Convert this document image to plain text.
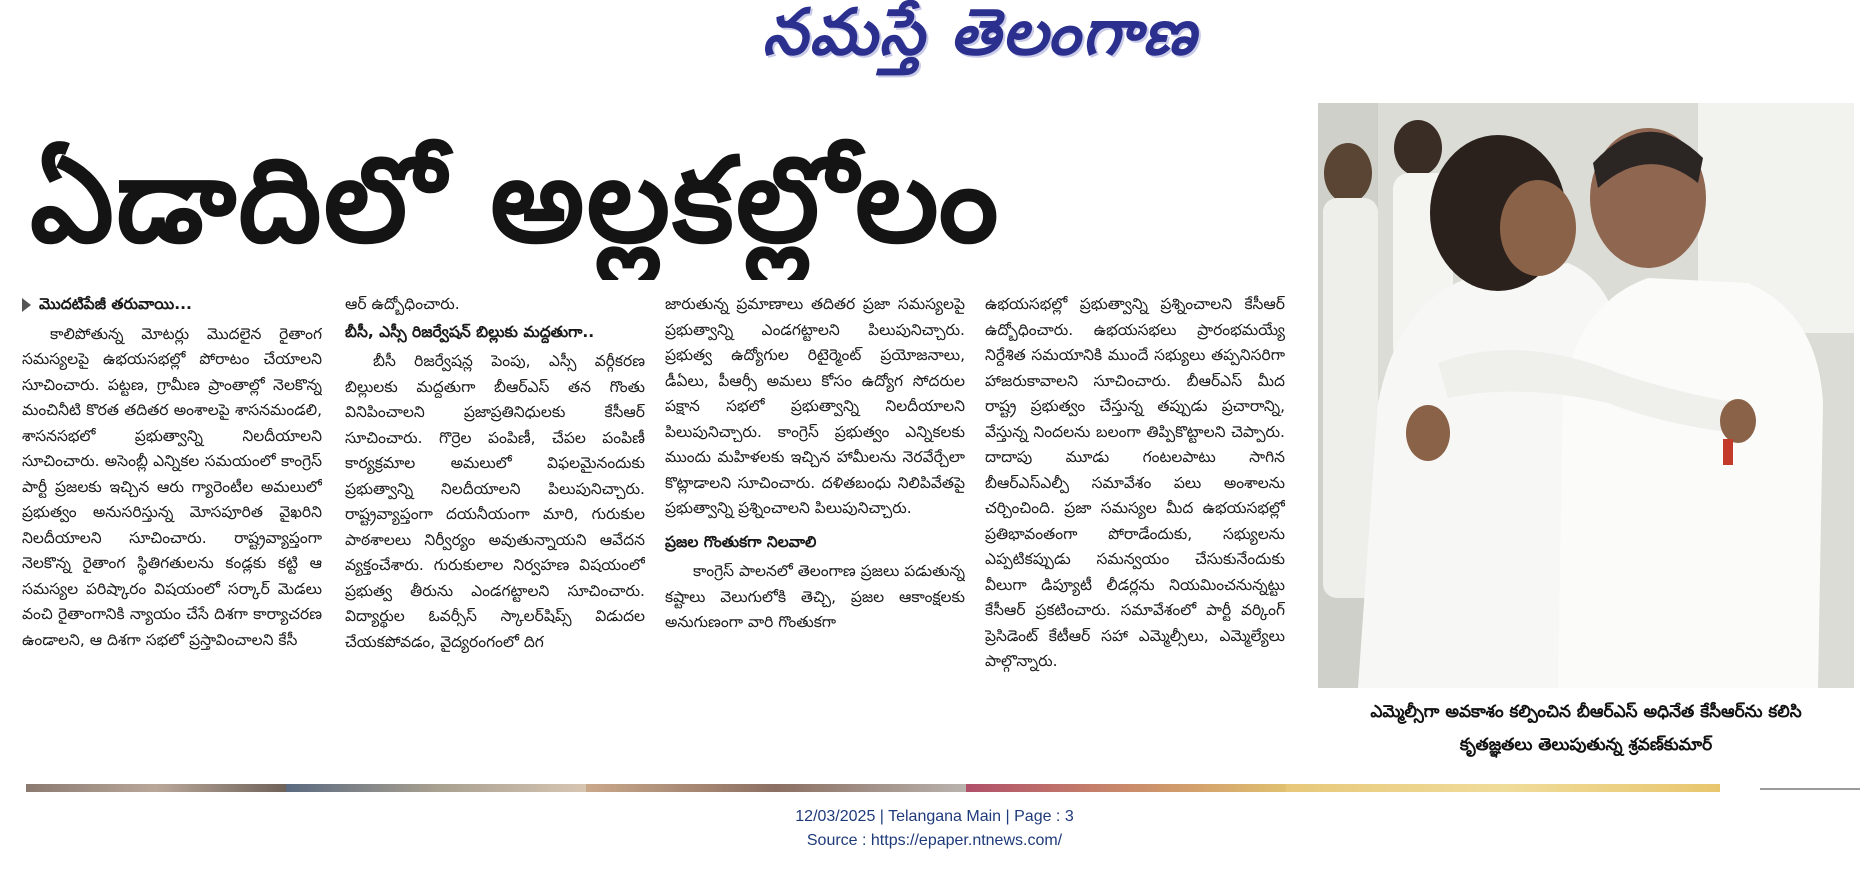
నమస్తే తెలంగాణ
ఏడాదిలో అల్లకల్లోలం
మొదటిపేజీ తరువాయి...

కాలిపోతున్న మోటర్లు మొదలైన రైతాంగ సమస్యలపై ఉభయసభల్లో పోరాటం చేయాలని సూచించారు. పట్టణ, గ్రామీణ ప్రాంతాల్లో నెలకొన్న మంచినీటి కొరత తదితర అంశాలపై శాసనమండలి, శాసనసభలో ప్రభుత్వాన్ని నిలదీయాలని సూచించారు. అసెంబ్లీ ఎన్నికల సమయంలో కాంగ్రెస్ పార్టీ ప్రజలకు ఇచ్చిన ఆరు గ్యారెంటీల అమలులో ప్రభుత్వం అనుసరిస్తున్న మోసపూరిత వైఖరిని నిలదీయాలని సూచించారు. రాష్ట్రవ్యాప్తంగా నెలకొన్న రైతాంగ స్థితిగతులను కండ్లకు కట్టి ఆ సమస్యల పరిష్కారం విషయంలో సర్కార్ మెడలు వంచి రైతాంగానికి న్యాయం చేసే దిశగా కార్యాచరణ ఉండాలని, ఆ దిశగా సభలో ప్రస్తావించాలని కేసీ

ఆర్ ఉద్బోధించారు.

బీసీ, ఎస్సీ రిజర్వేషన్ బిల్లుకు మద్దతుగా..

బీసీ రిజర్వేషన్ల పెంపు, ఎస్సీ వర్గీకరణ బిల్లులకు మద్దతుగా బీఆర్ఎస్ తన గొంతు వినిపించాలని ప్రజాప్రతినిధులకు కేసీఆర్ సూచించారు. గొర్రెల పంపిణీ, చేపల పంపిణీ కార్యక్రమాల అమలులో విఫలమైనందుకు ప్రభుత్వాన్ని నిలదీయాలని పిలుపునిచ్చారు. రాష్ట్రవ్యాప్తంగా దయనీయంగా మారి, గురుకుల పాఠశాలలు నిర్వీర్యం అవుతున్నాయని ఆవేదన వ్యక్తంచేశారు. గురుకులాల నిర్వహణ విషయంలో ప్రభుత్వ తీరును ఎండగట్టాలని సూచించారు. విద్యార్థుల ఓవర్సీస్ స్కాలర్‌షిప్స్ విడుదల చేయకపోవడం, వైద్యరంగంలో దిగ

జారుతున్న ప్రమాణాలు తదితర ప్రజా సమస్యలపై ప్రభుత్వాన్ని ఎండగట్టాలని పిలుపునిచ్చారు. ప్రభుత్వ ఉద్యోగుల రిటైర్మెంట్ ప్రయోజనాలు, డీఏలు, పీఆర్సీ అమలు కోసం ఉద్యోగ సోదరుల పక్షాన సభలో ప్రభుత్వాన్ని నిలదీయాలని పిలుపునిచ్చారు. కాంగ్రెస్ ప్రభుత్వం ఎన్నికలకు ముందు మహిళలకు ఇచ్చిన హామీలను నెరవేర్చేలా కొట్లాడాలని సూచించారు. దళితబంధు నిలిపివేతపై ప్రభుత్వాన్ని ప్రశ్నించాలని పిలుపునిచ్చారు.

ప్రజల గొంతుకగా నిలవాలి

కాంగ్రెస్ పాలనలో తెలంగాణ ప్రజలు పడుతున్న కష్టాలు వెలుగులోకి తెచ్చి, ప్రజల ఆకాంక్షలకు అనుగుణంగా వారి గొంతుకగా

ఉభయసభల్లో ప్రభుత్వాన్ని ప్రశ్నించాలని కేసీఆర్ ఉద్బోధించారు. ఉభయసభలు ప్రారంభమయ్యే నిర్దేశిత సమయానికి ముందే సభ్యులు తప్పనిసరిగా హాజరుకావాలని సూచించారు. బీఆర్ఎస్ మీద రాష్ట్ర ప్రభుత్వం చేస్తున్న తప్పుడు ప్రచారాన్ని, వేస్తున్న నిందలను బలంగా తిప్పికొట్టాలని చెప్పారు. దాదాపు మూడు గంటలపాటు సాగిన బీఆర్ఎస్ఎల్పీ సమావేశం పలు అంశాలను చర్చించింది. ప్రజా సమస్యల మీద ఉభయసభల్లో ప్రతిభావంతంగా పోరాడేందుకు, సభ్యులను ఎప్పటికప్పుడు సమన్వయం చేసుకునేందుకు వీలుగా డిప్యూటీ లీడర్లను నియమించనున్నట్టు కేసీఆర్ ప్రకటించారు. సమావేశంలో పార్టీ వర్కింగ్ ప్రెసిడెంట్ కేటీఆర్ సహా ఎమ్మెల్సీలు, ఎమ్మెల్యేలు పాల్గొన్నారు.

ఎమ్మెల్సీగా అవకాశం కల్పించిన బీఆర్ఎస్ అధినేత కేసీఆర్‌ను కలిసి
కృతజ్ఞతలు తెలుపుతున్న శ్రవణ్‌కుమార్
12/03/2025 | Telangana Main | Page : 3
Source : https://epaper.ntnews.com/
